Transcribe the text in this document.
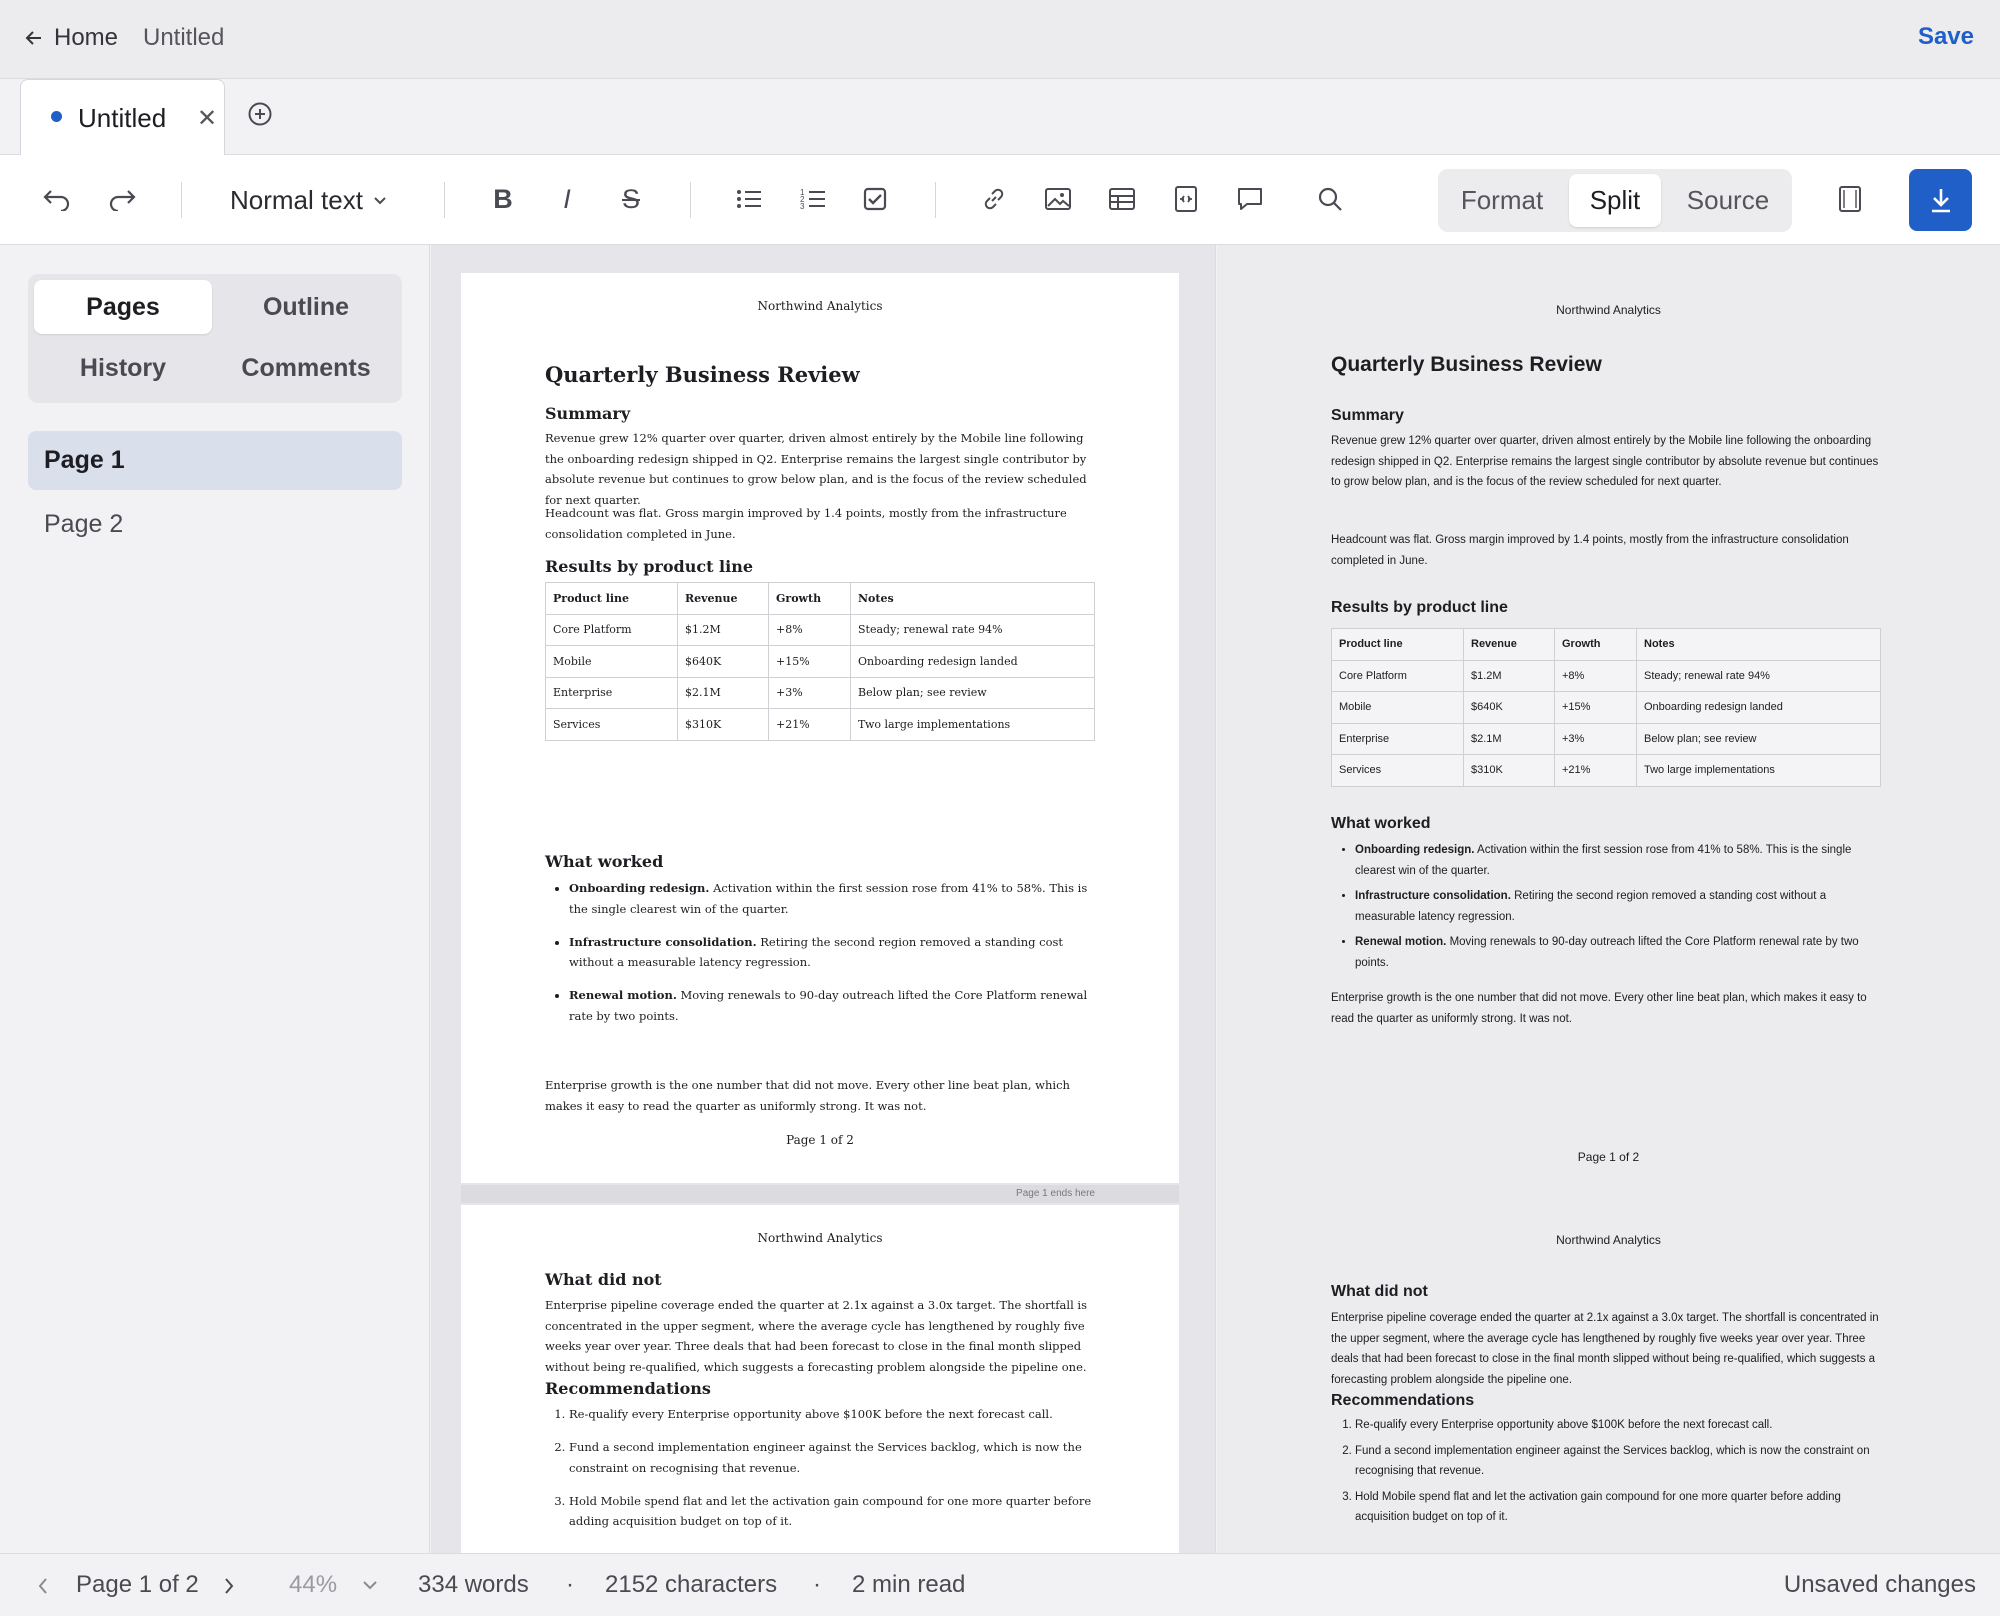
Home Untitled	Save
Untitled ✕
Normal text	B	I	S	1
2
3	Format	Split	Source
Pages	Outline
History	Comments
Page 1
Page 2
Northwind Analytics
Quarterly Business Review
Summary
Revenue grew 12% quarter over quarter, driven almost entirely by the Mobile line following the onboarding redesign shipped in Q2. Enterprise remains the largest single contributor by absolute revenue but continues to grow below plan, and is the focus of the review scheduled for next quarter.
Headcount was flat. Gross margin improved by 1.4 points, mostly from the infrastructure consolidation completed in June.
Results by product line
Product line	Revenue	Growth	Notes
Core Platform	$1.2M	+8%	Steady; renewal rate 94%
Mobile	$640K	+15%	Onboarding redesign landed
Enterprise	$2.1M	+3%	Below plan; see review
Services	$310K	+21%	Two large implementations
What worked
• Onboarding redesign. Activation within the first session rose from 41% to 58%. This is the single clearest win of the quarter.
• Infrastructure consolidation. Retiring the second region removed a standing cost without a measurable latency regression.
• Renewal motion. Moving renewals to 90-day outreach lifted the Core Platform renewal rate by two points.
Enterprise growth is the one number that did not move. Every other line beat plan, which makes it easy to read the quarter as uniformly strong. It was not.
Page 1 of 2
Page 1 ends here
Northwind Analytics
What did not
Enterprise pipeline coverage ended the quarter at 2.1x against a 3.0x target. The shortfall is concentrated in the upper segment, where the average cycle has lengthened by roughly five weeks year over year. Three deals that had been forecast to close in the final month slipped without being re-qualified, which suggests a forecasting problem alongside the pipeline one.
Recommendations
1. Re-qualify every Enterprise opportunity above $100K before the next forecast call.
2. Fund a second implementation engineer against the Services backlog, which is now the constraint on recognising that revenue.
3. Hold Mobile spend flat and let the activation gain compound for one more quarter before adding acquisition budget on top of it.
Northwind Analytics
Quarterly Business Review
Summary
Revenue grew 12% quarter over quarter, driven almost entirely by the Mobile line following the onboarding redesign shipped in Q2. Enterprise remains the largest single contributor by absolute revenue but continues to grow below plan, and is the focus of the review scheduled for next quarter.
Headcount was flat. Gross margin improved by 1.4 points, mostly from the infrastructure consolidation completed in June.
Results by product line
Product line	Revenue	Growth	Notes
Core Platform	$1.2M	+8%	Steady; renewal rate 94%
Mobile	$640K	+15%	Onboarding redesign landed
Enterprise	$2.1M	+3%	Below plan; see review
Services	$310K	+21%	Two large implementations
What worked
• Onboarding redesign. Activation within the first session rose from 41% to 58%. This is the single clearest win of the quarter.
• Infrastructure consolidation. Retiring the second region removed a standing cost without a measurable latency regression.
• Renewal motion. Moving renewals to 90-day outreach lifted the Core Platform renewal rate by two points.
Enterprise growth is the one number that did not move. Every other line beat plan, which makes it easy to read the quarter as uniformly strong. It was not.
Page 1 of 2
Northwind Analytics
What did not
Enterprise pipeline coverage ended the quarter at 2.1x against a 3.0x target. The shortfall is concentrated in the upper segment, where the average cycle has lengthened by roughly five weeks year over year. Three deals that had been forecast to close in the final month slipped without being re-qualified, which suggests a forecasting problem alongside the pipeline one.
Recommendations
1. Re-qualify every Enterprise opportunity above $100K before the next forecast call.
2. Fund a second implementation engineer against the Services backlog, which is now the constraint on recognising that revenue.
3. Hold Mobile spend flat and let the activation gain compound for one more quarter before adding acquisition budget on top of it.
Page 1 of 2	44%	334 words · 2152 characters · 2 min read	Unsaved changes
